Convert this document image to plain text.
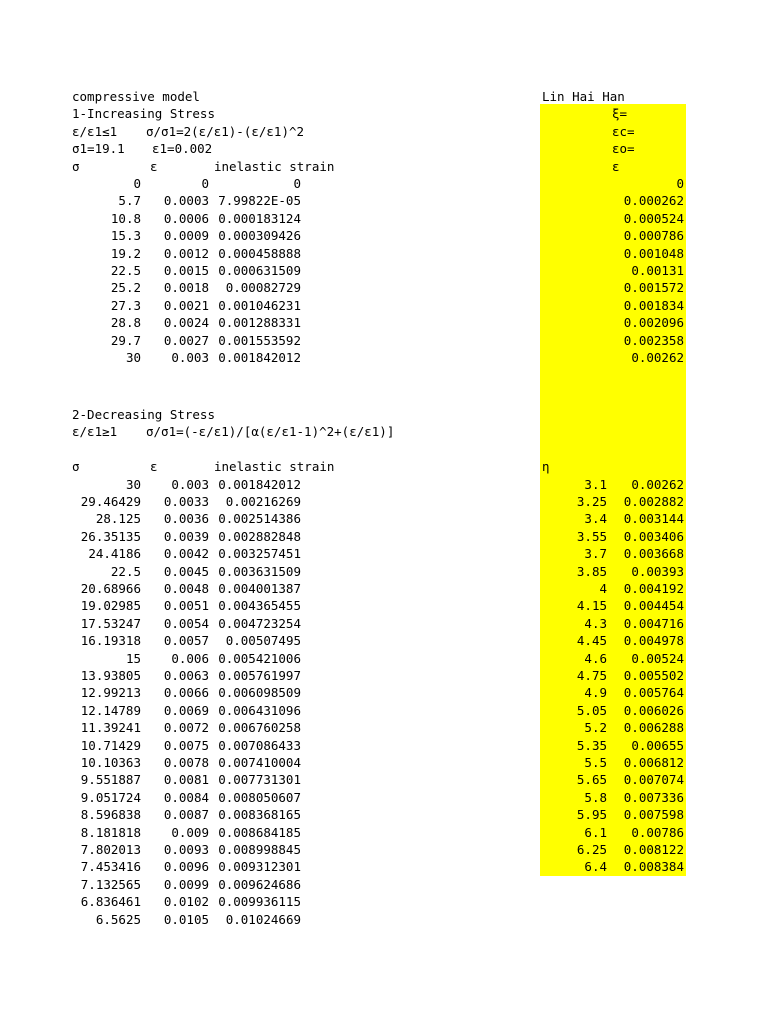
compressive model
1-Increasing Stress
ε/ε1≤1 σ/σ1=2(ε/ε1)-(ε/ε1)^2
σ1=19.1 ε1=0.002
σ	ε	inelastic strain
0	0	0
5.7	0.0003 7.99822E-05
10.8	0.0006 0.000183124
15.3	0.0009 0.000309426
19.2	0.0012 0.000458888
22.5	0.0015 0.000631509
25.2	0.0018	0.00082729
27.3	0.0021 0.001046231
28.8	0.0024 0.001288331
29.7	0.0027 0.001553592
30	0.003 0.001842012
2-Decreasing Stress
ε/ε1≥1 σ/σ1=(-ε/ε1)/[α(ε/ε1-1)^2+(ε/ε1)]
σ	ε	inelastic strain
30	0.003 0.001842012
29.46429	0.0033	0.00216269
28.125	0.0036 0.002514386
26.35135	0.0039 0.002882848
24.4186	0.0042 0.003257451
22.5	0.0045 0.003631509
20.68966	0.0048 0.004001387
19.02985	0.0051 0.004365455
17.53247	0.0054 0.004723254
16.19318	0.0057	0.00507495
15	0.006 0.005421006
13.93805	0.0063 0.005761997
12.99213	0.0066 0.006098509
12.14789	0.0069 0.006431096
11.39241	0.0072 0.006760258
10.71429	0.0075 0.007086433
10.10363	0.0078 0.007410004
9.551887	0.0081 0.007731301
9.051724	0.0084 0.008050607
8.596838	0.0087 0.008368165
8.181818	0.009 0.008684185
7.802013	0.0093 0.008998845
7.453416	0.0096 0.009312301
7.132565	0.0099 0.009624686
6.836461	0.0102 0.009936115
6.5625	0.0105	0.01024669
Lin Hai Han
ξ=
εc=
εo=
ε
0
0.000262
0.000524
0.000786
0.001048
0.00131
0.001572
0.001834
0.002096
0.002358
0.00262
η
3.1	0.00262
3.25	0.002882
3.4	0.003144
3.55	0.003406
3.7	0.003668
3.85	0.00393
4	0.004192
4.15	0.004454
4.3	0.004716
4.45	0.004978
4.6	0.00524
4.75	0.005502
4.9	0.005764
5.05	0.006026
5.2	0.006288
5.35	0.00655
5.5	0.006812
5.65	0.007074
5.8	0.007336
5.95	0.007598
6.1	0.00786
6.25	0.008122
6.4	0.008384
